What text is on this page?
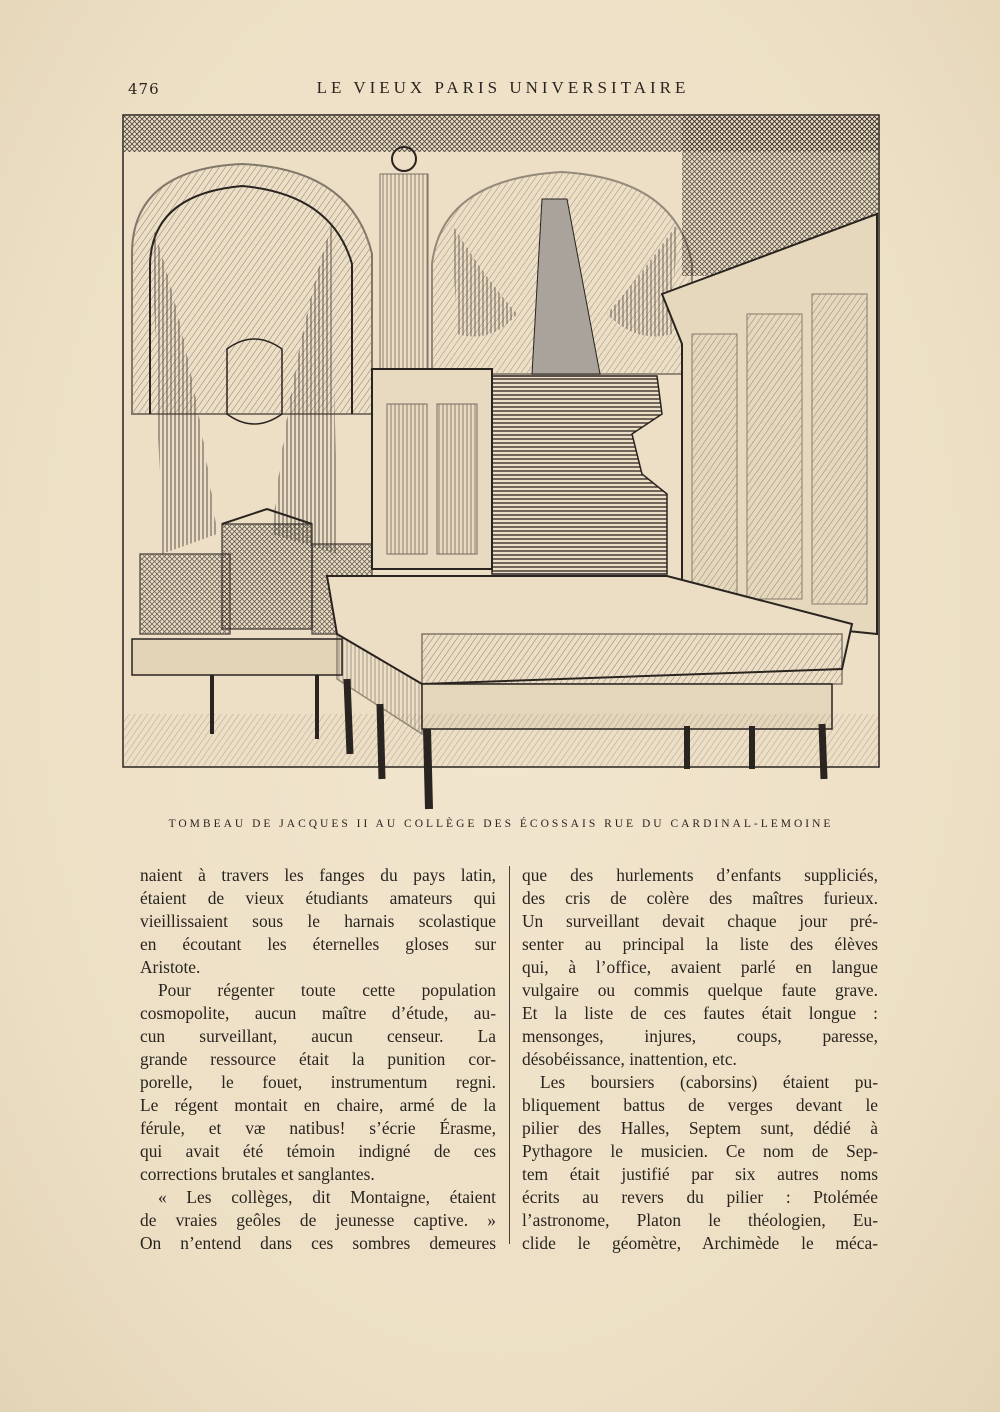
476	LE VIEUX PARIS UNIVERSITAIRE
TOMBEAU DE JACQUES II AU COLLÈGE DES ÉCOSSAIS RUE DU CARDINAL-LEMOINE
naient à travers les fanges du pays latin,
étaient de vieux étudiants amateurs qui
vieillissaient sous le harnais scolastique
en écoutant les éternelles gloses sur
Aristote.
Pour régenter toute cette population
cosmopolite, aucun maître d’étude, au-
cun surveillant, aucun censeur. La
grande ressource était la punition cor-
porelle, le fouet, instrumentum regni.
Le régent montait en chaire, armé de la
férule, et væ natibus! s’écrie Érasme,
qui avait été témoin indigné de ces
corrections brutales et sanglantes.
« Les collèges, dit Montaigne, étaient
de vraies geôles de jeunesse captive. »
On n’entend dans ces sombres demeures
que des hurlements d’enfants suppliciés,
des cris de colère des maîtres furieux.
Un surveillant devait chaque jour pré-
senter au principal la liste des élèves
qui, à l’office, avaient parlé en langue
vulgaire ou commis quelque faute grave.
Et la liste de ces fautes était longue :
mensonges, injures, coups, paresse,
désobéissance, inattention, etc.
Les boursiers (caborsins) étaient pu-
bliquement battus de verges devant le
pilier des Halles, Septem sunt, dédié à
Pythagore le musicien. Ce nom de Sep-
tem était justifié par six autres noms
écrits au revers du pilier : Ptolémée
l’astronome, Platon le théologien, Eu-
clide le géomètre, Archimède le méca-
